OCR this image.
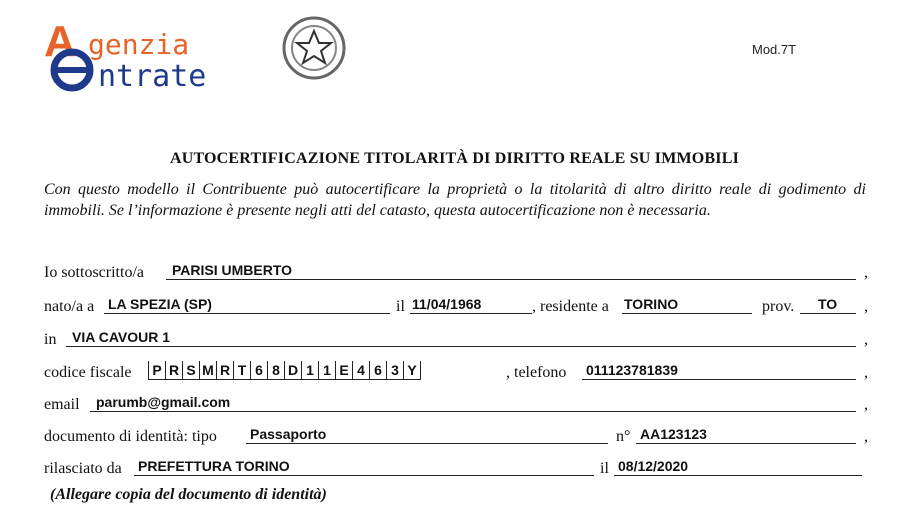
A genzia
ntrate
Mod.7T
AUTOCERTIFICAZIONE TITOLARITÀ DI DIRITTO REALE SU IMMOBILI
Con questo modello il Contribuente può autocertificare la proprietà o la titolarità di altro diritto reale di godimento di immobili. Se l’informazione è presente negli atti del catasto, questa autocertificazione non è necessaria.
Io sottoscritto/a PARISI UMBERTO	,
nato/a a LA SPEZIA (SP)	il 11/04/1968	, residente a TORINO	prov. TO ,
in VIA CAVOUR 1	,
codice fiscale	P R S M R T 6 8 D 1 1 E 4 6 3 Y	, telefono 011123781839	,
email parumb@gmail.com	,
documento di identità: tipo Passaporto	n° AA123123	,
rilasciato da PREFETTURA TORINO	il 08/12/2020
(Allegare copia del documento di identità)
